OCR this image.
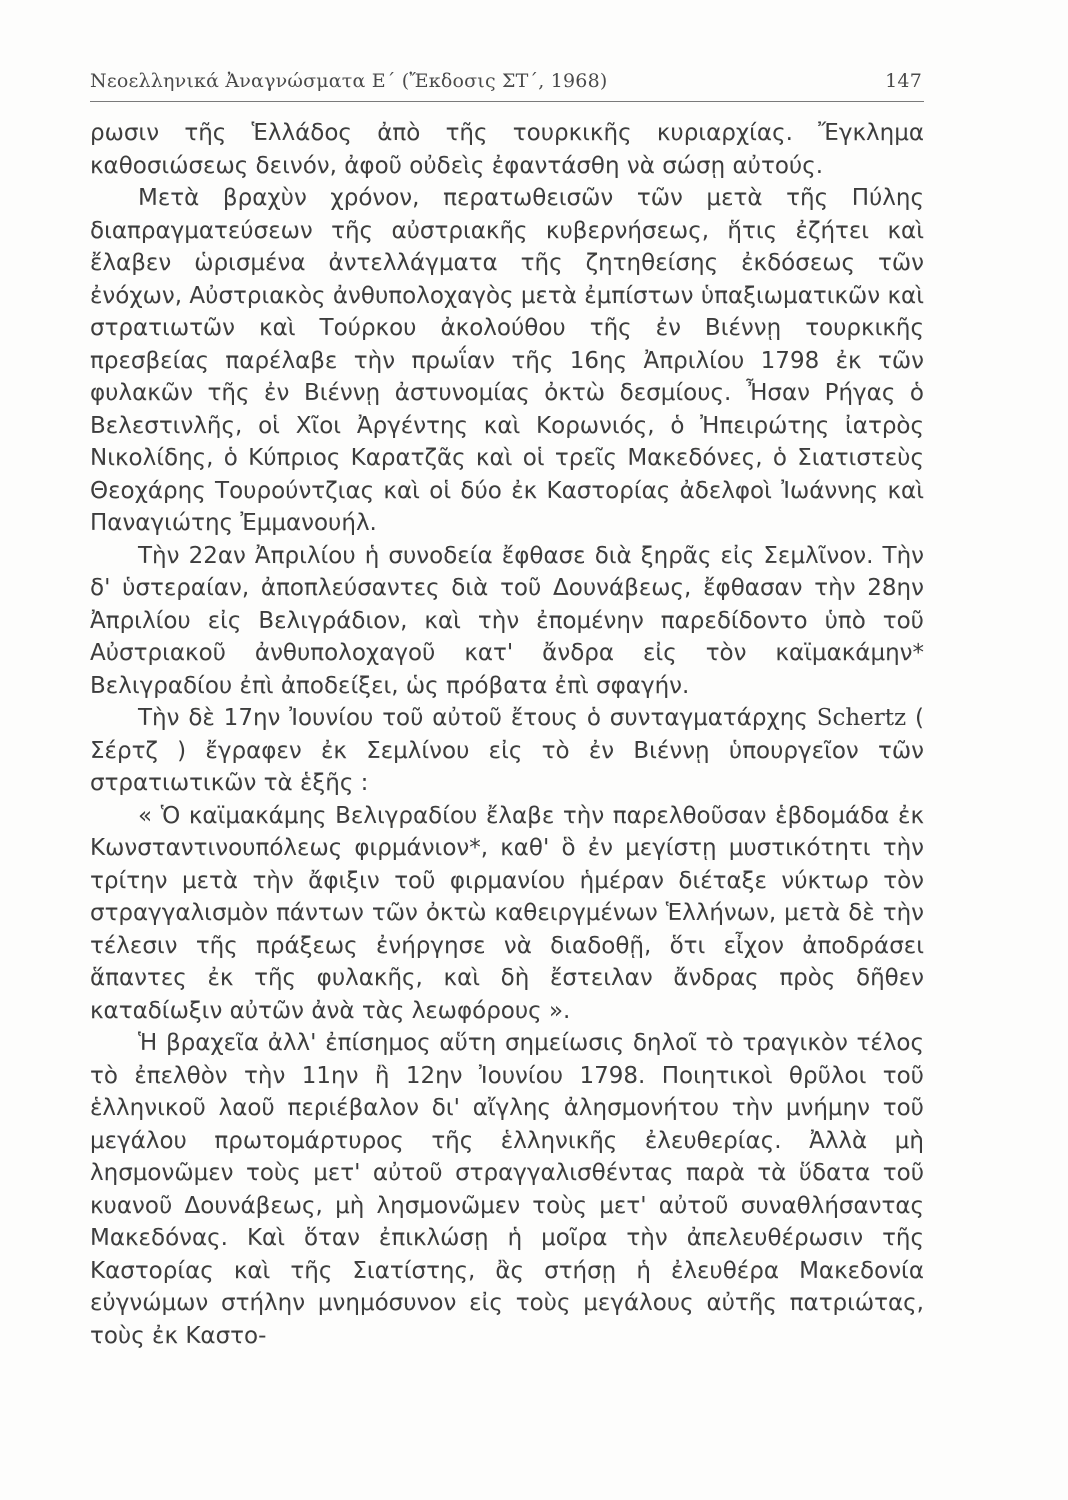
Νεοελληνικά Ἀναγνώσματα Ε΄ (Ἔκδοσις ΣΤ΄, 1968)	147

ρωσιν τῆς Ἑλλάδος ἀπὸ τῆς τουρκικῆς κυριαρχίας. Ἔγκλημα καθοσιώσεως δεινόν, ἀφοῦ οὐδεὶς ἐφαντάσθη νὰ σώσῃ αὐτούς.

Μετὰ βραχὺν χρόνον, περατωθεισῶν τῶν μετὰ τῆς Πύλης διαπραγματεύσεων τῆς αὐστριακῆς κυβερνήσεως, ἥτις ἐζήτει καὶ ἔλαβεν ὡρισμένα ἀντελλάγματα τῆς ζητηθείσης ἐκδόσεως τῶν ἐνόχων, Αὐστριακὸς ἀνθυπολοχαγὸς μετὰ ἐμπίστων ὑπαξιωματικῶν καὶ στρατιωτῶν καὶ Τούρκου ἀκολούθου τῆς ἐν Βιέννῃ τουρκικῆς πρεσβείας παρέλαβε τὴν πρωΐαν τῆς 16ης Ἀπριλίου 1798 ἐκ τῶν φυλακῶν τῆς ἐν Βιέννῃ ἀστυνομίας ὀκτὼ δεσμίους. Ἦσαν Ρήγας ὁ Βελεστινλῆς, οἱ Χῖοι Ἀργέντης καὶ Κορωνιός, ὁ Ἠπειρώτης ἰατρὸς Νικολίδης, ὁ Κύπριος Καρατζᾶς καὶ οἱ τρεῖς Μακεδόνες, ὁ Σιατιστεὺς Θεοχάρης Τουρούντζιας καὶ οἱ δύο ἐκ Καστορίας ἀδελφοὶ Ἰωάννης καὶ Παναγιώτης Ἐμμανουήλ.

Τὴν 22αν Ἀπριλίου ἡ συνοδεία ἔφθασε διὰ ξηρᾶς εἰς Σεμλῖνον. Τὴν δ' ὑστεραίαν, ἀποπλεύσαντες διὰ τοῦ Δουνάβεως, ἔφθασαν τὴν 28ην Ἀπριλίου εἰς Βελιγράδιον, καὶ τὴν ἐπομένην παρεδίδοντο ὑπὸ τοῦ Αὐστριακοῦ ἀνθυπολοχαγοῦ κατ' ἄνδρα εἰς τὸν καϊμακάμην* Βελιγραδίου ἐπὶ ἀποδείξει, ὡς πρόβατα ἐπὶ σφαγήν.

Τὴν δὲ 17ην Ἰουνίου τοῦ αὐτοῦ ἔτους ὁ συνταγματάρχης Schertz ( Σέρτζ ) ἔγραφεν ἐκ Σεμλίνου εἰς τὸ ἐν Βιέννῃ ὑπουργεῖον τῶν στρατιωτικῶν τὰ ἑξῆς :

« Ὁ καϊμακάμης Βελιγραδίου ἔλαβε τὴν παρελθοῦσαν ἑβδομάδα ἐκ Κωνσταντινουπόλεως φιρμάνιον*, καθ' ὃ ἐν μεγίστῃ μυστικότητι τὴν τρίτην μετὰ τὴν ἄφιξιν τοῦ φιρμανίου ἡμέραν διέταξε νύκτωρ τὸν στραγγαλισμὸν πάντων τῶν ὀκτὼ καθειργμένων Ἑλλήνων, μετὰ δὲ τὴν τέλεσιν τῆς πράξεως ἐνήργησε νὰ διαδοθῇ, ὅτι εἶχον ἀποδράσει ἅπαντες ἐκ τῆς φυλακῆς, καὶ δὴ ἔστειλαν ἄνδρας πρὸς δῆθεν καταδίωξιν αὐτῶν ἀνὰ τὰς λεωφόρους ».

Ἡ βραχεῖα ἀλλ' ἐπίσημος αὕτη σημείωσις δηλοῖ τὸ τραγικὸν τέλος τὸ ἐπελθὸν τὴν 11ην ἢ 12ην Ἰουνίου 1798. Ποιητικοὶ θρῦλοι τοῦ ἑλληνικοῦ λαοῦ περιέβαλον δι' αἴγλης ἀλησμονήτου τὴν μνήμην τοῦ μεγάλου πρωτομάρτυρος τῆς ἑλληνικῆς ἐλευθερίας. Ἀλλὰ μὴ λησμονῶμεν τοὺς μετ' αὐτοῦ στραγγαλισθέντας παρὰ τὰ ὕδατα τοῦ κυανοῦ Δουνάβεως, μὴ λησμονῶμεν τοὺς μετ' αὐτοῦ συναθλήσαντας Μακεδόνας. Καὶ ὅταν ἐπικλώσῃ ἡ μοῖρα τὴν ἀπελευθέρωσιν τῆς Καστορίας καὶ τῆς Σιατίστης, ἂς στήσῃ ἡ ἐλευθέρα Μακεδονία εὐγνώμων στήλην μνημόσυνον εἰς τοὺς μεγάλους αὐτῆς πατριώτας, τοὺς ἐκ Καστο-
